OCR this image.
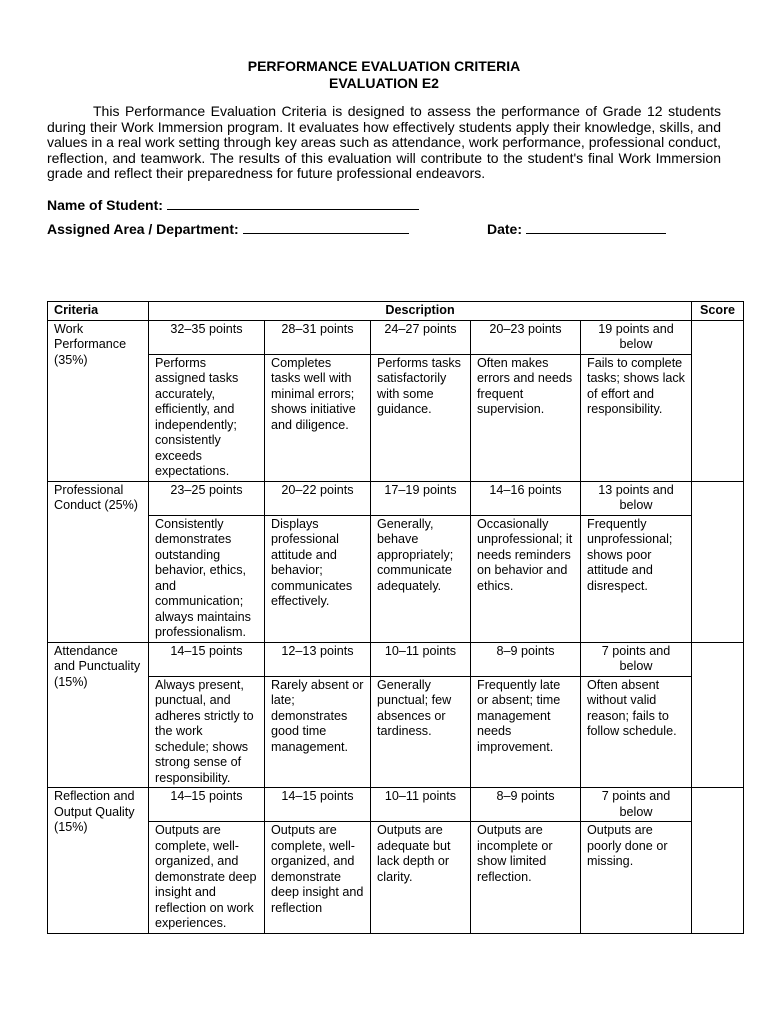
PERFORMANCE EVALUATION CRITERIA
EVALUATION E2
This Performance Evaluation Criteria is designed to assess the performance of Grade 12 students during their Work Immersion program. It evaluates how effectively students apply their knowledge, skills, and values in a real work setting through key areas such as attendance, work performance, professional conduct, reflection, and teamwork. The results of this evaluation will contribute to the student's final Work Immersion grade and reflect their preparedness for future professional endeavors.
Name of Student:
Assigned Area / Department:	Date:
Criteria	Description					Score
Work Performance (35%)	32–35 points	28–31 points	24–27 points	20–23 points	19 points and below	
	Performs assigned tasks accurately, efficiently, and independently; consistently exceeds expectations.	Completes tasks well with minimal errors; shows initiative and diligence.	Performs tasks satisfactorily with some guidance.	Often makes errors and needs frequent supervision.	Fails to complete tasks; shows lack of effort and responsibility.	
Professional Conduct (25%)	23–25 points	20–22 points	17–19 points	14–16 points	13 points and below	
	Consistently demonstrates outstanding behavior, ethics, and communication; always maintains professionalism.	Displays professional attitude and behavior; communicates effectively.	Generally, behave appropriately; communicate adequately.	Occasionally unprofessional; it needs reminders on behavior and ethics.	Frequently unprofessional; shows poor attitude and disrespect.	
Attendance and Punctuality (15%)	14–15 points	12–13 points	10–11 points	8–9 points	7 points and below	
	Always present, punctual, and adheres strictly to the work schedule; shows strong sense of responsibility.	Rarely absent or late; demonstrates good time management.	Generally punctual; few absences or tardiness.	Frequently late or absent; time management needs improvement.	Often absent without valid reason; fails to follow schedule.	
Reflection and Output Quality (15%)	14–15 points	14–15 points	10–11 points	8–9 points	7 points and below	
	Outputs are complete, well-organized, and demonstrate deep insight and reflection on work experiences.	Outputs are complete, well-organized, and demonstrate deep insight and reflection	Outputs are adequate but lack depth or clarity.	Outputs are incomplete or show limited reflection.	Outputs are poorly done or missing.	
